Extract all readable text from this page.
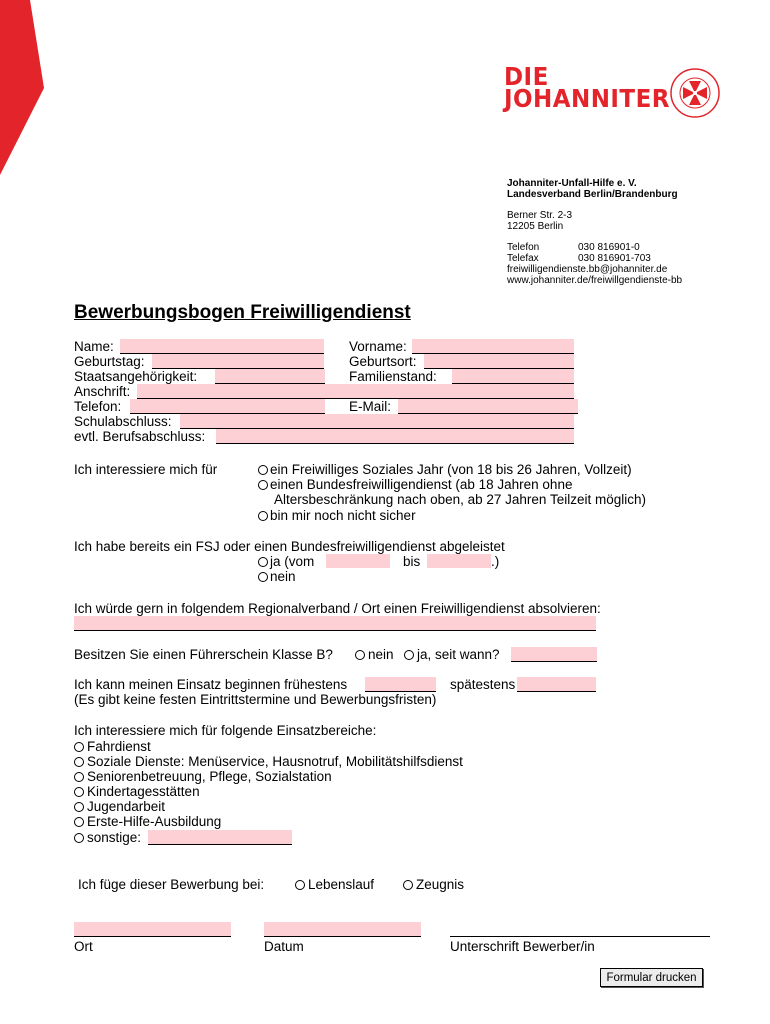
DIE
JOHANNITER
Johanniter-Unfall-Hilfe e. V.
Landesverband Berlin/Brandenburg
Berner Str. 2-3
12205 Berlin
Telefon	030 816901-0
Telefax	030 816901-703
freiwilligendienste.bb@johanniter.de
www.johanniter.de/freiwillgendienste-bb
Bewerbungsbogen Freiwilligendienst
Name:	Vorname:
Geburtstag:	Geburtsort:
Staatsangehörigkeit:	Familienstand:
Anschrift:
Telefon:	E-Mail:
Schulabschluss:
evtl. Berufsabschluss:
Ich interessiere mich für	ein Freiwilliges Soziales Jahr (von 18 bis 26 Jahren, Vollzeit)
einen Bundesfreiwilligendienst (ab 18 Jahren ohne
Altersbeschränkung nach oben, ab 27 Jahren Teilzeit möglich)
bin mir noch nicht sicher
Ich habe bereits ein FSJ oder einen Bundesfreiwilligendienst abgeleistet
ja (vom	bis	.)
nein
Ich würde gern in folgendem Regionalverband / Ort einen Freiwilligendienst absolvieren:
Besitzen Sie einen Führerschein Klasse B?	nein ja, seit wann?
Ich kann meinen Einsatz beginnen frühestens	spätestens
(Es gibt keine festen Eintrittstermine und Bewerbungsfristen)
Ich interessiere mich für folgende Einsatzbereiche:
Fahrdienst
Soziale Dienste: Menüservice, Hausnotruf, Mobilitätshilfsdienst
Seniorenbetreuung, Pflege, Sozialstation
Kindertagesstätten
Jugendarbeit
Erste-Hilfe-Ausbildung
sonstige:
Ich füge dieser Bewerbung bei:	Lebenslauf	Zeugnis
Ort	Datum	Unterschrift Bewerber/in
Formular drucken
